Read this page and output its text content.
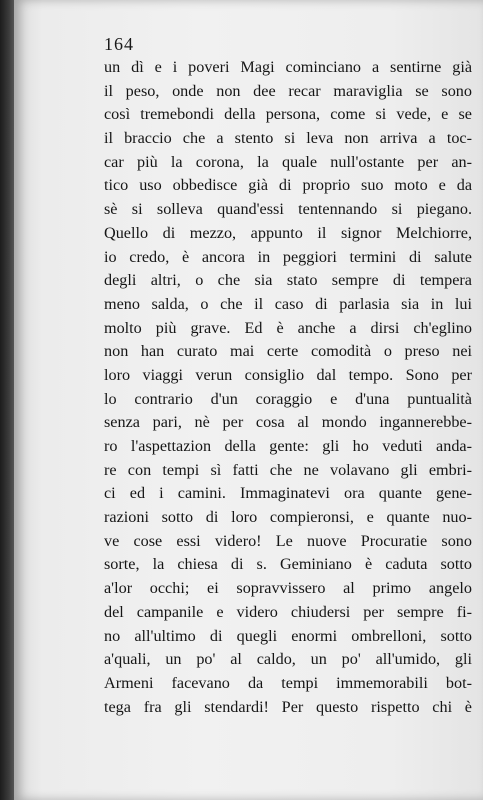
164
un dì e i poveri Magi cominciano a sentirne già
il peso, onde non dee recar maraviglia se sono
così tremebondi della persona, come si vede, e se
il braccio che a stento si leva non arriva a toc-
car più la corona, la quale null'ostante per an-
tico uso obbedisce già di proprio suo moto e da
sè si solleva quand'essi tentennando si piegano.
Quello di mezzo, appunto il signor Melchiorre,
io credo, è ancora in peggiori termini di salute
degli altri, o che sia stato sempre di tempera
meno salda, o che il caso di parlasia sia in lui
molto più grave. Ed è anche a dirsi ch'eglino
non han curato mai certe comodità o preso nei
loro viaggi verun consiglio dal tempo. Sono per
lo contrario d'un coraggio e d'una puntualità
senza pari, nè per cosa al mondo ingannerebbe-
ro l'aspettazion della gente: gli ho veduti anda-
re con tempi sì fatti che ne volavano gli embri-
ci ed i camini. Immaginatevi ora quante gene-
razioni sotto di loro compieronsi, e quante nuo-
ve cose essi videro! Le nuove Procuratie sono
sorte, la chiesa di s. Geminiano è caduta sotto
a'lor occhi; ei sopravvissero al primo angelo
del campanile e videro chiudersi per sempre fi-
no all'ultimo di quegli enormi ombrelloni, sotto
a'quali, un po' al caldo, un po' all'umido, gli
Armeni facevano da tempi immemorabili bot-
tega fra gli stendardi! Per questo rispetto chi è
